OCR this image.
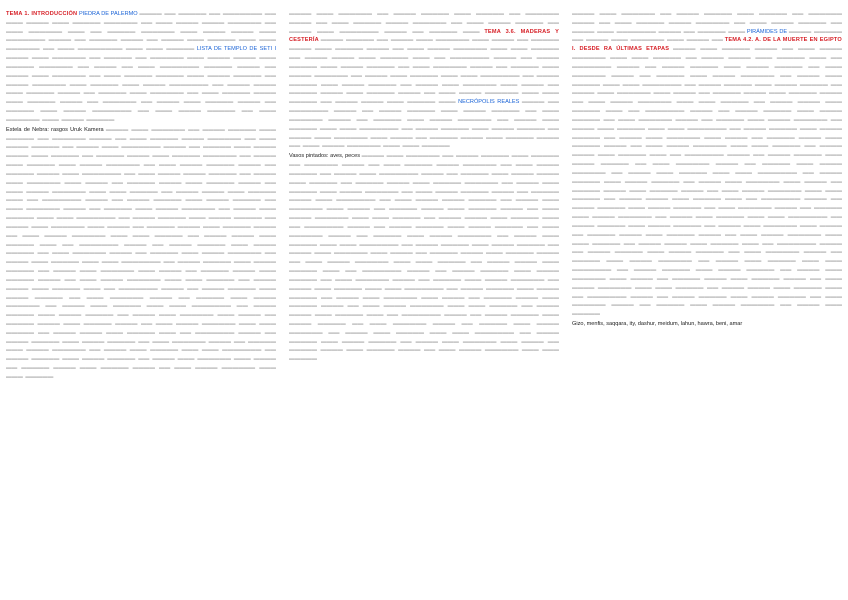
TEMA 1. INTRODUCCIÓN PIEDRA DE PALERMO ▬▬▬▬ ▬▬ ▬▬▬▬▬ ▬▬ ▬▬▬▬▬▬▬ ▬▬ ▬▬▬ ▬▬▬▬ ▬▬▬ ▬▬▬▬▬ ▬▬▬▬▬▬ ▬▬ ▬▬▬ ▬▬▬▬ ▬▬▬▬ ▬▬▬▬▬▬ ▬▬ ▬▬▬ ▬▬▬▬▬▬ ▬▬▬ ▬▬ ▬▬▬▬▬ ▬▬▬▬▬▬ ▬▬▬ ▬▬▬▬ ▬▬▬▬ ▬▬▬ ▬▬▬▬▬▬▬ ▬▬▬▬ ▬▬ ▬▬▬▬▬ ▬▬▬▬ ▬▬ ▬▬▬▬ ▬▬▬ ▬▬▬▬▬ ▬▬▬ ▬▬▬ ▬▬▬▬▬▬ ▬▬ ▬▬▬ ▬▬▬▬▬▬▬▬ ▬▬▬ ▬▬▬ ▬▬▬▬▬ LISTA DE TEMPLO DE SETI I ▬▬▬▬ ▬▬▬ ▬▬▬▬▬▬ ▬▬ ▬▬▬▬▬ ▬▬ ▬▬▬▬▬▬ ▬▬▬ ▬▬▬▬ ▬▬▬▬ ▬▬▬ ▬▬▬▬▬ ▬▬▬▬▬▬ ▬▬ ▬▬▬▬ ▬▬ ▬▬▬ ▬▬▬▬▬▬▬ ▬▬▬▬▬ ▬▬▬▬ ▬▬ ▬▬▬▬ ▬▬▬ ▬▬▬▬▬▬ ▬▬ ▬▬▬ ▬▬▬▬▬ ▬▬▬▬▬ ▬▬▬ ▬▬▬▬ ▬▬▬▬▬ ▬▬ ▬▬▬▬ ▬▬▬▬▬▬ ▬▬▬ ▬▬▬▬▬ ▬▬▬ ▬▬▬▬ ▬▬▬▬▬▬▬ ▬▬ ▬▬▬▬ ▬▬▬▬ ▬▬▬ ▬▬▬▬▬ ▬▬▬▬ ▬▬ ▬▬▬▬▬ ▬▬▬ ▬▬▬▬▬▬ ▬▬ ▬▬▬ ▬▬▬▬▬ ▬▬▬▬ ▬▬▬ ▬▬▬▬▬ ▬▬▬▬ ▬▬ ▬▬▬▬▬▬ ▬▬ ▬▬▬▬ ▬▬▬ ▬▬▬▬▬ ▬▬▬▬ ▬▬ ▬▬▬▬▬ ▬▬▬ ▬▬▬▬ ▬▬▬▬▬▬▬ ▬▬ ▬▬▬ ▬▬▬▬ ▬▬▬▬▬ ▬▬ ▬▬▬ ▬▬▬▬▬▬ ▬▬▬ ▬▬▬▬ ▬▬▬▬▬

Estela de Nebra: rasgos Uruk Kamera ▬▬▬▬ ▬▬▬ ▬▬▬▬▬▬ ▬▬ ▬▬▬▬ ▬▬▬▬▬ ▬▬▬ ▬▬▬▬▬ ▬▬ ▬▬▬▬▬▬ ▬▬▬▬ ▬▬ ▬▬▬ ▬▬▬▬▬ ▬▬▬▬ ▬▬▬▬▬▬ ▬▬ ▬▬▬ ▬▬▬▬ ▬▬▬▬▬ ▬▬ ▬▬▬▬ ▬▬▬ ▬▬▬▬▬▬▬ ▬▬▬▬ ▬▬ ▬▬▬▬▬ ▬▬▬ ▬▬▬▬ ▬▬▬▬ ▬▬▬ ▬▬▬▬▬ ▬▬ ▬▬▬▬▬ ▬▬▬▬ ▬▬▬ ▬▬▬▬▬ ▬▬▬▬▬▬ ▬▬ ▬▬▬▬ ▬▬▬ ▬▬▬▬▬ ▬▬▬ ▬▬▬▬ ▬▬▬▬▬▬ ▬▬ ▬▬▬ ▬▬▬▬ ▬▬▬▬▬ ▬▬▬▬ ▬▬ ▬▬▬▬▬ ▬▬▬▬ ▬▬▬ ▬▬▬▬▬▬▬ ▬▬ ▬▬▬ ▬▬▬▬ ▬▬▬▬ ▬▬▬▬▬ ▬▬ ▬▬▬▬ ▬▬▬ ▬▬▬▬▬▬ ▬▬▬ ▬▬▬▬ ▬▬ ▬▬▬▬▬ ▬▬▬▬ ▬▬▬ ▬▬▬▬▬ ▬▬▬▬ ▬▬ ▬▬▬ ▬▬▬▬ ▬▬▬▬▬▬ ▬▬▬ ▬▬▬ ▬▬▬▬▬ ▬▬ ▬▬▬▬ ▬▬▬▬ ▬▬▬ ▬▬▬▬▬ ▬▬▬ ▬▬ ▬▬▬▬▬▬▬ ▬▬▬▬ ▬▬ ▬▬▬▬ ▬▬▬▬▬ ▬▬▬ ▬▬▬▬ ▬▬▬▬▬ ▬▬ ▬▬▬ ▬▬▬▬▬▬ ▬▬▬▬ ▬▬ ▬▬▬▬▬ ▬▬▬ ▬▬▬▬ ▬▬▬▬▬▬ ▬▬ ▬▬▬▬ ▬▬▬ ▬▬▬▬▬ ▬▬▬ ▬▬▬ ▬▬▬▬▬▬▬ ▬▬ ▬▬▬▬ ▬▬▬▬▬ ▬▬▬ ▬▬▬▬ ▬▬▬▬▬ ▬▬ ▬▬▬▬ ▬▬▬ ▬▬▬▬▬▬ ▬▬▬ ▬▬▬▬ ▬▬ ▬▬▬▬▬ ▬▬▬▬ ▬▬▬ ▬▬▬▬▬ ▬▬▬▬ ▬▬ ▬▬▬ ▬▬▬▬ ▬▬▬▬▬▬ ▬▬▬ ▬▬▬ ▬▬▬▬▬ ▬▬ ▬▬▬▬ ▬▬▬▬ ▬▬▬ ▬▬▬▬▬ ▬▬▬ ▬▬ ▬▬▬▬▬▬▬ ▬▬▬▬ ▬▬ ▬▬▬▬ ▬▬▬▬▬ ▬▬▬ ▬▬▬▬ ▬▬▬▬▬ ▬▬ ▬▬▬ ▬▬▬▬▬▬ ▬▬▬▬ ▬▬ ▬▬▬▬▬ ▬▬▬ ▬▬▬▬ ▬▬▬▬▬▬ ▬▬ ▬▬▬▬ ▬▬▬ ▬▬▬▬▬ ▬▬▬ ▬▬▬ ▬▬▬▬▬▬▬ ▬▬ ▬▬▬▬ ▬▬▬▬▬ ▬▬▬ ▬▬▬▬ ▬▬▬▬▬ ▬▬ ▬▬▬▬ ▬▬▬ ▬▬▬▬▬▬ ▬▬▬ ▬▬▬▬ ▬▬ ▬▬▬▬▬ ▬▬▬▬ ▬▬▬ ▬▬▬▬▬ ▬▬▬▬ ▬▬ ▬▬▬ ▬▬▬▬ ▬▬▬▬▬▬ ▬▬▬ ▬▬▬ ▬▬▬▬▬ ▬▬ ▬▬▬▬ ▬▬▬▬ ▬▬▬ ▬▬▬▬▬ ▬▬▬ ▬▬ ▬▬▬▬▬▬▬ ▬▬▬▬ ▬▬ ▬▬▬▬ ▬▬▬▬▬ ▬▬▬ ▬▬▬▬ ▬▬▬▬▬ ▬▬ ▬▬▬ ▬▬▬▬▬▬ ▬▬▬▬ ▬▬ ▬▬▬▬▬ ▬▬▬ ▬▬▬▬ ▬▬▬▬▬▬ ▬▬ ▬▬▬▬ ▬▬▬ ▬▬▬▬▬ ▬▬▬ ▬▬▬ ▬▬▬▬▬▬▬ ▬▬ ▬▬▬▬ ▬▬▬▬▬ ▬▬▬ ▬▬▬▬ ▬▬▬▬▬ ▬▬ ▬▬▬▬ ▬▬▬ ▬▬▬▬▬▬ ▬▬▬ ▬▬▬▬ ▬▬ ▬▬▬▬▬ ▬▬▬▬ ▬▬▬ ▬▬▬▬▬ ▬▬▬▬ ▬▬ ▬▬▬ ▬▬▬▬ ▬▬▬▬▬▬ ▬▬▬ ▬▬▬ ▬▬▬▬▬ ▬▬ ▬▬▬▬ ▬▬▬▬ ▬▬▬ ▬▬▬▬▬ ▬▬▬ ▬▬ ▬▬▬▬▬▬▬ ▬▬▬▬ ▬▬ ▬▬▬▬ ▬▬▬▬▬ ▬▬▬ ▬▬▬▬ ▬▬▬▬▬ ▬▬ ▬▬▬ ▬▬▬▬▬▬ ▬▬▬▬ ▬▬ ▬▬▬▬▬ ▬▬▬ ▬▬▬▬ ▬▬▬▬▬▬ ▬▬ ▬▬▬▬ ▬▬▬ ▬▬▬▬▬ ▬▬▬ ▬▬▬ ▬▬▬▬▬▬▬ ▬▬ ▬▬▬▬ ▬▬▬▬▬ ▬▬▬ ▬▬▬▬ ▬▬▬▬▬ ▬▬ ▬▬▬▬ ▬▬▬ ▬▬▬▬▬▬ ▬▬▬ ▬▬▬▬ ▬▬ ▬▬▬▬▬ ▬▬▬▬ ▬▬▬ ▬▬▬▬▬ ▬▬▬▬ ▬▬ ▬▬▬ ▬▬▬▬ ▬▬▬▬▬▬ ▬▬▬ ▬▬▬ ▬▬▬▬▬

▬▬▬▬ ▬▬▬ ▬▬▬▬▬▬ ▬▬ ▬▬▬▬ ▬▬▬▬▬ ▬▬▬ ▬▬▬▬▬ ▬▬ ▬▬▬▬▬▬ ▬▬▬▬ ▬▬ ▬▬▬ ▬▬▬▬▬ ▬▬▬▬ ▬▬▬▬▬▬ ▬▬ ▬▬▬ ▬▬▬▬ ▬▬▬▬▬ ▬▬ ▬▬▬▬ ▬▬▬ ▬▬▬▬▬▬▬ ▬▬▬▬ ▬▬ ▬▬▬▬▬ ▬▬▬ TEMA 3.6. MADERAS Y CESTERÍA ▬▬▬▬ ▬▬▬▬▬ ▬▬ ▬▬▬▬ ▬▬▬ ▬▬▬▬▬▬ ▬▬▬ ▬▬▬▬ ▬▬ ▬▬▬▬▬ ▬▬▬▬ ▬▬▬ ▬▬▬▬▬ ▬▬▬▬ ▬▬ ▬▬▬ ▬▬▬▬ ▬▬▬▬▬▬ ▬▬▬ ▬▬▬ ▬▬▬▬▬ ▬▬ ▬▬▬▬ ▬▬▬▬ ▬▬▬ ▬▬▬▬▬ ▬▬▬ ▬▬ ▬▬▬▬▬▬▬ ▬▬▬▬ ▬▬ ▬▬▬▬ ▬▬▬▬▬ ▬▬▬ ▬▬▬▬ ▬▬▬▬▬ ▬▬ ▬▬▬ ▬▬▬▬▬▬ ▬▬▬▬ ▬▬ ▬▬▬▬▬ ▬▬▬ ▬▬▬▬ ▬▬▬▬▬▬ ▬▬ ▬▬▬▬ ▬▬▬ ▬▬▬▬▬ ▬▬▬ ▬▬▬ ▬▬▬▬▬▬▬ ▬▬ ▬▬▬▬ ▬▬▬▬▬ ▬▬▬ ▬▬▬▬ ▬▬▬▬▬ ▬▬ ▬▬▬▬ ▬▬▬ ▬▬▬▬▬▬ ▬▬▬ ▬▬▬▬ ▬▬ ▬▬▬▬▬ ▬▬▬▬ ▬▬▬ ▬▬▬▬▬ ▬▬▬▬ ▬▬ ▬▬▬ ▬▬▬▬ ▬▬▬▬▬▬ ▬▬▬ ▬▬▬ ▬▬▬▬▬ ▬▬ ▬▬▬▬ ▬▬▬▬ ▬▬▬ ▬▬▬▬▬ ▬▬▬ NECRÓPOLIS REALES ▬▬▬▬ ▬▬ ▬▬▬▬▬▬▬ ▬▬▬▬ ▬▬ ▬▬▬▬ ▬▬▬▬▬ ▬▬▬ ▬▬▬▬ ▬▬▬▬▬ ▬▬ ▬▬▬ ▬▬▬▬▬▬ ▬▬▬▬ ▬▬ ▬▬▬▬▬ ▬▬▬ ▬▬▬▬ ▬▬▬▬▬▬ ▬▬ ▬▬▬▬ ▬▬▬ ▬▬▬▬▬ ▬▬▬ ▬▬▬ ▬▬▬▬▬▬▬ ▬▬ ▬▬▬▬ ▬▬▬▬▬ ▬▬▬ ▬▬▬▬ ▬▬▬▬▬ ▬▬ ▬▬▬▬ ▬▬▬ ▬▬▬▬▬▬ ▬▬▬ ▬▬▬▬ ▬▬ ▬▬▬▬▬ ▬▬▬▬ ▬▬▬ ▬▬▬▬▬ ▬▬▬▬ ▬▬ ▬▬▬ ▬▬▬▬ ▬▬▬▬▬▬ ▬▬▬ ▬▬▬ ▬▬▬▬▬

Vasos pintados: aves, peces ▬▬▬▬ ▬▬▬ ▬▬▬▬▬▬ ▬▬ ▬▬▬▬ ▬▬▬▬▬ ▬▬▬ ▬▬▬▬▬ ▬▬ ▬▬▬▬▬▬ ▬▬▬▬ ▬▬ ▬▬▬ ▬▬▬▬▬ ▬▬▬▬ ▬▬▬▬▬▬ ▬▬ ▬▬▬ ▬▬▬▬ ▬▬▬▬▬ ▬▬ ▬▬▬▬ ▬▬▬ ▬▬▬▬▬▬▬ ▬▬▬▬ ▬▬ ▬▬▬▬▬ ▬▬▬ ▬▬▬▬ ▬▬▬▬ ▬▬▬ ▬▬▬▬▬ ▬▬ ▬▬▬▬▬ ▬▬▬▬ ▬▬▬ ▬▬▬▬▬ ▬▬▬▬▬▬ ▬▬ ▬▬▬▬ ▬▬▬ ▬▬▬▬▬ ▬▬▬ ▬▬▬▬ ▬▬▬▬▬▬ ▬▬ ▬▬▬ ▬▬▬▬ ▬▬▬▬▬ ▬▬▬▬ ▬▬ ▬▬▬▬▬ ▬▬▬▬ ▬▬▬ ▬▬▬▬▬▬▬ ▬▬ ▬▬▬ ▬▬▬▬ ▬▬▬▬ ▬▬▬▬▬ ▬▬ ▬▬▬▬ ▬▬▬ ▬▬▬▬▬▬ ▬▬▬ ▬▬▬▬ ▬▬ ▬▬▬▬▬ ▬▬▬▬ ▬▬▬ ▬▬▬▬▬ ▬▬▬▬ ▬▬ ▬▬▬ ▬▬▬▬ ▬▬▬▬▬▬ ▬▬▬ ▬▬▬ ▬▬▬▬▬ ▬▬ ▬▬▬▬ ▬▬▬▬ ▬▬▬ ▬▬▬▬▬ ▬▬▬ ▬▬ ▬▬▬▬▬▬▬ ▬▬▬▬ ▬▬ ▬▬▬▬ ▬▬▬▬▬ ▬▬▬ ▬▬▬▬ ▬▬▬▬▬ ▬▬ ▬▬▬ ▬▬▬▬▬▬ ▬▬▬▬ ▬▬ ▬▬▬▬▬ ▬▬▬ ▬▬▬▬ ▬▬▬▬▬▬ ▬▬ ▬▬▬▬ ▬▬▬ ▬▬▬▬▬ ▬▬▬ ▬▬▬ ▬▬▬▬▬▬▬ ▬▬ ▬▬▬▬ ▬▬▬▬▬ ▬▬▬ ▬▬▬▬ ▬▬▬▬▬ ▬▬ ▬▬▬▬ ▬▬▬ ▬▬▬▬▬▬ ▬▬▬ ▬▬▬▬ ▬▬ ▬▬▬▬▬ ▬▬▬▬ ▬▬▬ ▬▬▬▬▬ ▬▬▬▬ ▬▬ ▬▬▬ ▬▬▬▬ ▬▬▬▬▬▬ ▬▬▬ ▬▬▬ ▬▬▬▬▬ ▬▬ ▬▬▬▬ ▬▬▬▬ ▬▬▬ ▬▬▬▬▬ ▬▬▬ ▬▬ ▬▬▬▬▬▬▬ ▬▬▬▬ ▬▬ ▬▬▬▬ ▬▬▬▬▬ ▬▬▬ ▬▬▬▬ ▬▬▬▬▬ ▬▬ ▬▬▬ ▬▬▬▬▬▬ ▬▬▬▬ ▬▬ ▬▬▬▬▬ ▬▬▬ ▬▬▬▬ ▬▬▬▬▬▬ ▬▬ ▬▬▬▬ ▬▬▬ ▬▬▬▬▬ ▬▬▬ ▬▬▬ ▬▬▬▬▬▬▬ ▬▬ ▬▬▬▬ ▬▬▬▬▬ ▬▬▬ ▬▬▬▬ ▬▬▬▬▬ ▬▬ ▬▬▬▬ ▬▬▬ ▬▬▬▬▬▬ ▬▬▬ ▬▬▬▬ ▬▬ ▬▬▬▬▬ ▬▬▬▬ ▬▬▬ ▬▬▬▬▬ ▬▬▬▬ ▬▬ ▬▬▬ ▬▬▬▬ ▬▬▬▬▬▬ ▬▬▬ ▬▬▬ ▬▬▬▬▬ ▬▬ ▬▬▬▬ ▬▬▬▬ ▬▬▬ ▬▬▬▬▬ ▬▬▬ ▬▬ ▬▬▬▬▬▬▬ ▬▬▬▬ ▬▬ ▬▬▬▬ ▬▬▬▬▬ ▬▬▬ ▬▬▬▬ ▬▬▬▬▬ ▬▬ ▬▬▬ ▬▬▬▬▬▬ ▬▬▬▬ ▬▬ ▬▬▬▬▬ ▬▬▬ ▬▬▬▬ ▬▬▬▬▬▬ ▬▬ ▬▬▬▬ ▬▬▬ ▬▬▬▬▬ ▬▬▬ ▬▬▬ ▬▬▬▬▬▬▬ ▬▬ ▬▬▬▬ ▬▬▬▬▬ ▬▬▬ ▬▬▬▬ ▬▬▬▬▬ ▬▬ ▬▬▬▬ ▬▬▬ ▬▬▬▬▬▬ ▬▬▬ ▬▬▬▬ ▬▬ ▬▬▬▬▬ ▬▬▬▬ ▬▬▬ ▬▬▬▬▬ ▬▬▬▬ ▬▬ ▬▬▬ ▬▬▬▬ ▬▬▬▬▬▬ ▬▬▬ ▬▬▬ ▬▬▬▬▬

▬▬▬▬ ▬▬▬ ▬▬▬▬▬▬ ▬▬ ▬▬▬▬ ▬▬▬▬▬ ▬▬▬ ▬▬▬▬▬ ▬▬ ▬▬▬▬▬▬ ▬▬▬▬ ▬▬ ▬▬▬ ▬▬▬▬▬ ▬▬▬▬ ▬▬▬▬▬▬ ▬▬ ▬▬▬ ▬▬▬▬ ▬▬▬▬▬ ▬▬ ▬▬▬▬ ▬▬▬ ▬▬▬▬▬▬▬ ▬▬▬▬ ▬▬ ▬▬▬▬▬ ▬▬▬ PIRÁMIDES DE ▬▬▬▬ ▬▬▬▬▬ ▬▬ ▬▬▬▬ ▬▬▬ ▬▬▬▬▬▬ ▬▬▬ ▬▬▬▬ ▬▬ TEMA 4.2. A. DE LA MUERTE EN EGIPTO I. DESDE RA ÚLTIMAS ETAPAS ▬▬▬▬ ▬▬▬ ▬▬▬▬▬ ▬▬▬▬ ▬▬ ▬▬▬ ▬▬▬▬ ▬▬▬▬▬▬ ▬▬▬ ▬▬▬ ▬▬▬▬▬ ▬▬ ▬▬▬▬ ▬▬▬▬ ▬▬▬ ▬▬▬▬▬ ▬▬▬ ▬▬ ▬▬▬▬▬▬▬ ▬▬▬▬ ▬▬ ▬▬▬▬ ▬▬▬▬▬ ▬▬▬ ▬▬▬▬ ▬▬▬▬▬ ▬▬ ▬▬▬ ▬▬▬▬▬▬ ▬▬▬▬ ▬▬ ▬▬▬▬▬ ▬▬▬ ▬▬▬▬ ▬▬▬▬▬▬ ▬▬ ▬▬▬▬ ▬▬▬ ▬▬▬▬▬ ▬▬▬ ▬▬▬ ▬▬▬▬▬▬▬ ▬▬ ▬▬▬▬ ▬▬▬▬▬ ▬▬▬ ▬▬▬▬ ▬▬▬▬▬ ▬▬ ▬▬▬▬ ▬▬▬ ▬▬▬▬▬▬ ▬▬▬ ▬▬▬▬ ▬▬ ▬▬▬▬▬ ▬▬▬▬ ▬▬▬ ▬▬▬▬▬ ▬▬▬▬ ▬▬ ▬▬▬ ▬▬▬▬ ▬▬▬▬▬▬ ▬▬▬ ▬▬▬ ▬▬▬▬▬ ▬▬ ▬▬▬▬ ▬▬▬▬ ▬▬▬ ▬▬▬▬▬ ▬▬▬ ▬▬ ▬▬▬▬▬▬▬ ▬▬▬▬ ▬▬ ▬▬▬▬ ▬▬▬▬▬ ▬▬▬ ▬▬▬▬ ▬▬▬▬▬ ▬▬ ▬▬▬ ▬▬▬▬▬▬ ▬▬▬▬ ▬▬ ▬▬▬▬▬ ▬▬▬ ▬▬▬▬ ▬▬▬▬▬▬ ▬▬ ▬▬▬▬ ▬▬▬ ▬▬▬▬▬ ▬▬▬ ▬▬▬ ▬▬▬▬▬▬▬ ▬▬ ▬▬▬▬ ▬▬▬▬▬ ▬▬▬ ▬▬▬▬ ▬▬▬▬▬ ▬▬ ▬▬▬▬ ▬▬▬ ▬▬▬▬▬▬ ▬▬▬ ▬▬▬▬ ▬▬ ▬▬▬▬▬ ▬▬▬▬ ▬▬▬ ▬▬▬▬▬ ▬▬▬▬ ▬▬ ▬▬▬ ▬▬▬▬ ▬▬▬▬▬▬ ▬▬▬ ▬▬▬ ▬▬▬▬▬ ▬▬ ▬▬▬▬ ▬▬▬▬ ▬▬▬ ▬▬▬▬▬ ▬▬▬ ▬▬ ▬▬▬▬▬▬▬ ▬▬▬▬ ▬▬ ▬▬▬▬ ▬▬▬▬▬ ▬▬▬ ▬▬▬▬ ▬▬▬▬▬ ▬▬ ▬▬▬ ▬▬▬▬▬▬ ▬▬▬▬ ▬▬ ▬▬▬▬▬ ▬▬▬ ▬▬▬▬ ▬▬▬▬▬▬ ▬▬ ▬▬▬▬ ▬▬▬ ▬▬▬▬▬ ▬▬▬ ▬▬▬ ▬▬▬▬▬▬▬ ▬▬ ▬▬▬▬ ▬▬▬▬▬ ▬▬▬ ▬▬▬▬ ▬▬▬▬▬ ▬▬ ▬▬▬▬ ▬▬▬ ▬▬▬▬▬▬ ▬▬▬ ▬▬▬▬ ▬▬ ▬▬▬▬▬ ▬▬▬▬ ▬▬▬ ▬▬▬▬▬ ▬▬▬▬ ▬▬ ▬▬▬ ▬▬▬▬ ▬▬▬▬▬▬ ▬▬▬ ▬▬▬ ▬▬▬▬▬ ▬▬ ▬▬▬▬ ▬▬▬▬ ▬▬▬ ▬▬▬▬▬ ▬▬▬ ▬▬ ▬▬▬▬▬▬▬ ▬▬▬▬ ▬▬ ▬▬▬▬ ▬▬▬▬▬ ▬▬▬ ▬▬▬▬ ▬▬▬▬▬ ▬▬ ▬▬▬ ▬▬▬▬▬▬ ▬▬▬▬ ▬▬ ▬▬▬▬▬ ▬▬▬ ▬▬▬▬ ▬▬▬▬▬▬ ▬▬ ▬▬▬▬ ▬▬▬ ▬▬▬▬▬ ▬▬▬ ▬▬▬ ▬▬▬▬▬▬▬ ▬▬ ▬▬▬▬ ▬▬▬▬▬ ▬▬▬ ▬▬▬▬ ▬▬▬▬▬ ▬▬ ▬▬▬▬ ▬▬▬ ▬▬▬▬▬▬ ▬▬▬ ▬▬▬▬ ▬▬ ▬▬▬▬▬ ▬▬▬▬ ▬▬▬ ▬▬▬▬▬ ▬▬▬▬ ▬▬ ▬▬▬ ▬▬▬▬ ▬▬▬▬▬▬ ▬▬▬ ▬▬▬ ▬▬▬▬▬ ▬▬ ▬▬▬▬ ▬▬▬▬ ▬▬▬ ▬▬▬▬▬ ▬▬▬ ▬▬ ▬▬▬▬▬▬▬ ▬▬▬▬ ▬▬ ▬▬▬▬ ▬▬▬▬▬ ▬▬▬ ▬▬▬▬ ▬▬▬▬▬ ▬▬ ▬▬▬ ▬▬▬▬▬▬ ▬▬▬▬ ▬▬ ▬▬▬▬▬ ▬▬▬ ▬▬▬▬ ▬▬▬▬▬▬ ▬▬ ▬▬▬▬ ▬▬▬ ▬▬▬▬▬ ▬▬▬ ▬▬▬ ▬▬▬▬▬▬▬ ▬▬ ▬▬▬▬ ▬▬▬▬▬ ▬▬▬ ▬▬▬▬ ▬▬▬▬▬ ▬▬ ▬▬▬▬ ▬▬▬ ▬▬▬▬▬▬ ▬▬▬ ▬▬▬▬ ▬▬ ▬▬▬▬▬ ▬▬▬▬ ▬▬▬ ▬▬▬▬▬ ▬▬▬▬ ▬▬ ▬▬▬ ▬▬▬▬ ▬▬▬▬▬▬ ▬▬▬ ▬▬▬ ▬▬▬▬▬ ▬▬ ▬▬▬▬ ▬▬▬▬ ▬▬▬ ▬▬▬▬▬ ▬▬▬ ▬▬ ▬▬▬▬▬▬▬ ▬▬▬▬ ▬▬ ▬▬▬▬ ▬▬▬▬▬ ▬▬▬ ▬▬▬▬ ▬▬▬▬▬ ▬▬ ▬▬▬ ▬▬▬▬▬▬ ▬▬▬▬ ▬▬ ▬▬▬▬▬ ▬▬▬ ▬▬▬▬ ▬▬▬▬▬▬ ▬▬ ▬▬▬▬ ▬▬▬ ▬▬▬▬▬

Gizo, menfis, saqqara, ity, dashur, meidum, lahun, hawra, beni, amar
